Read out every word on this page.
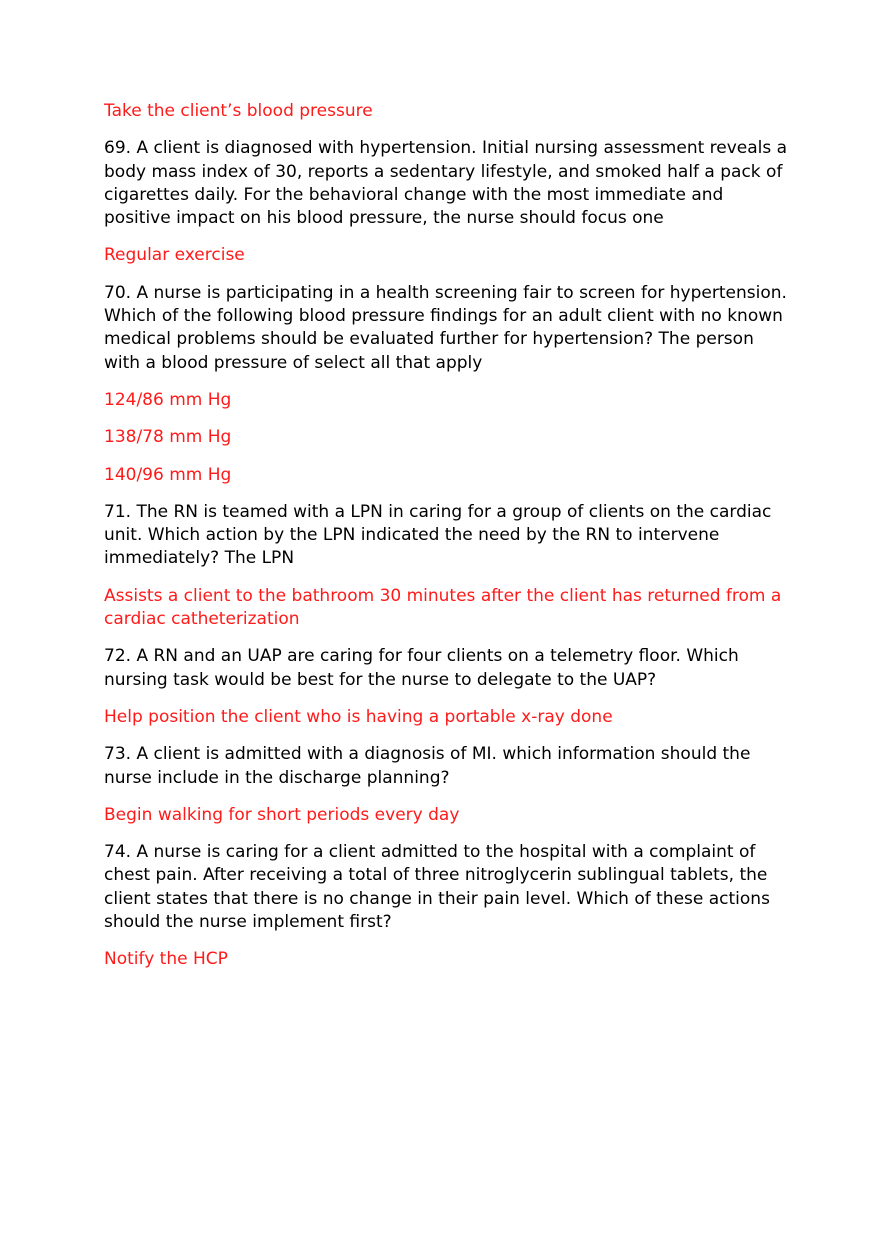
Take the client’s blood pressure

69. A client is diagnosed with hypertension. Initial nursing assessment reveals a body mass index of 30, reports a sedentary lifestyle, and smoked half a pack of cigarettes daily. For the behavioral change with the most immediate and positive impact on his blood pressure, the nurse should focus one

Regular exercise

70. A nurse is participating in a health screening fair to screen for hypertension. Which of the following blood pressure findings for an adult client with no known medical problems should be evaluated further for hypertension? The person with a blood pressure of select all that apply

124/86 mm Hg

138/78 mm Hg

140/96 mm Hg

71. The RN is teamed with a LPN in caring for a group of clients on the cardiac unit. Which action by the LPN indicated the need by the RN to intervene immediately? The LPN

Assists a client to the bathroom 30 minutes after the client has returned from a cardiac catheterization

72. A RN and an UAP are caring for four clients on a telemetry floor. Which nursing task would be best for the nurse to delegate to the UAP?

Help position the client who is having a portable x-ray done

73. A client is admitted with a diagnosis of MI. which information should the nurse include in the discharge planning?

Begin walking for short periods every day

74. A nurse is caring for a client admitted to the hospital with a complaint of chest pain. After receiving a total of three nitroglycerin sublingual tablets, the client states that there is no change in their pain level. Which of these actions should the nurse implement first?

Notify the HCP
